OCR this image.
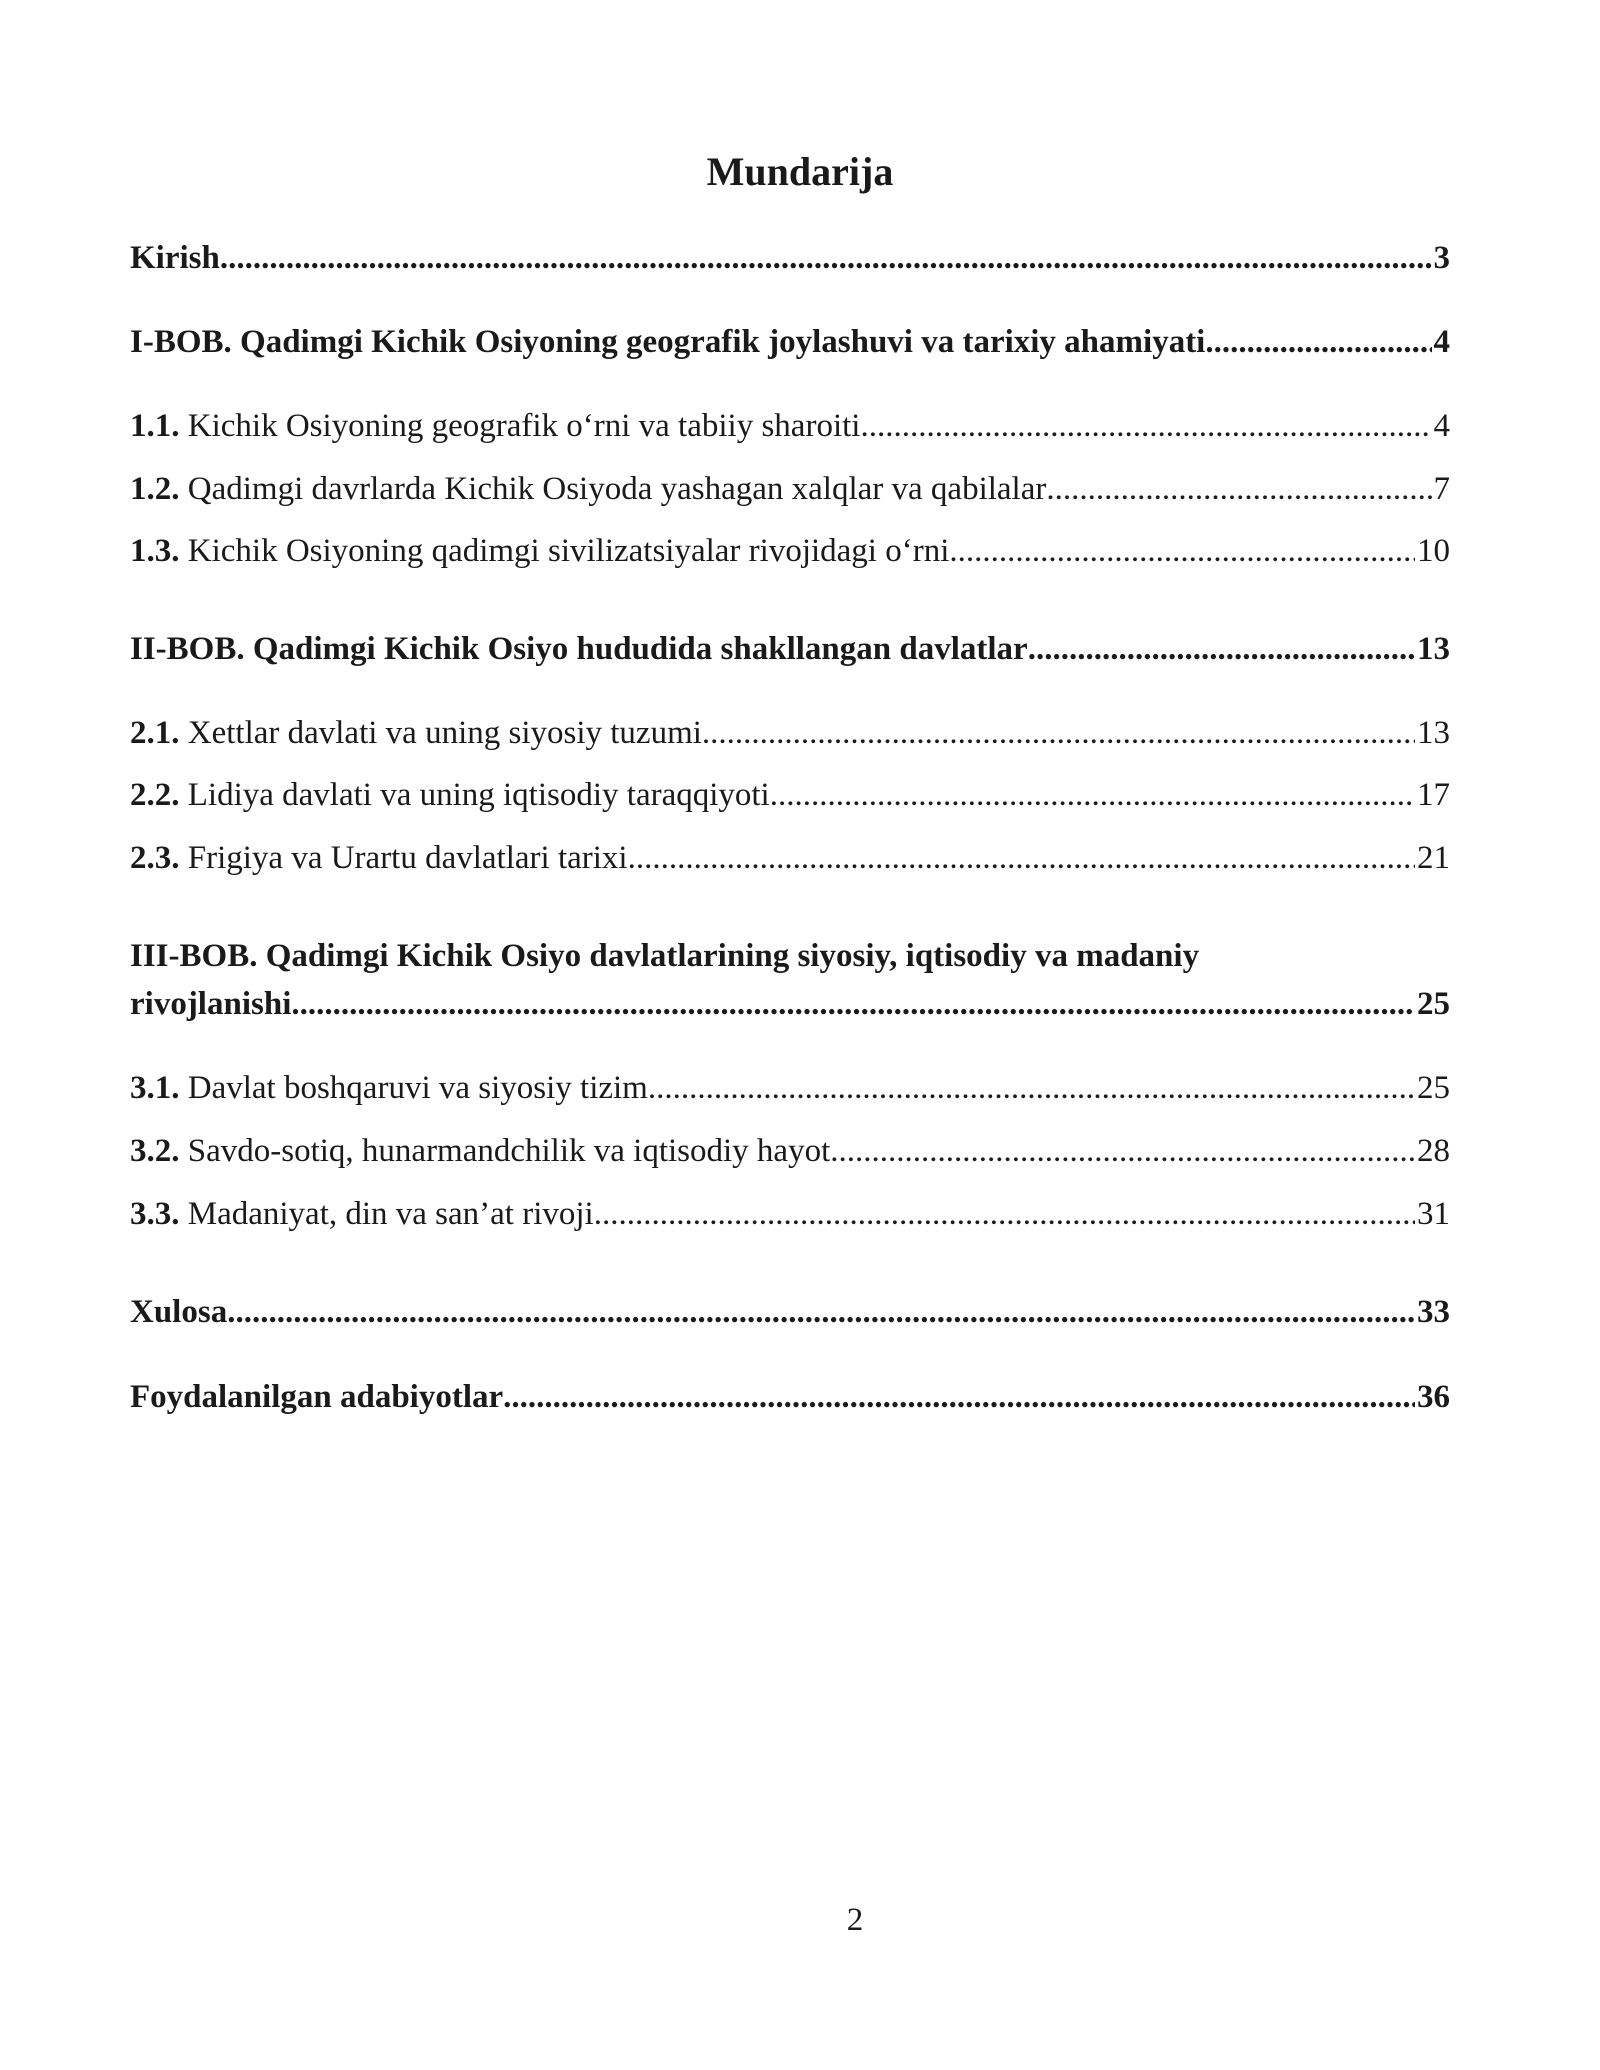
Mundarija
Kirish .....	3
I-BOB. Qadimgi Kichik Osiyoning geografik joylashuvi va tarixiy ahamiyati .....	4
1.1. Kichik Osiyoning geografik o‘rni va tabiiy sharoiti .....	4
1.2. Qadimgi davrlarda Kichik Osiyoda yashagan xalqlar va qabilalar .....	7
1.3. Kichik Osiyoning qadimgi sivilizatsiyalar rivojidagi o‘rni .....	10
II-BOB. Qadimgi Kichik Osiyo hududida shakllangan davlatlar .....	13
2.1. Xettlar davlati va uning siyosiy tuzumi .....	13
2.2. Lidiya davlati va uning iqtisodiy taraqqiyoti .....	17
2.3. Frigiya va Urartu davlatlari tarixi .....	21
III-BOB. Qadimgi Kichik Osiyo davlatlarining siyosiy, iqtisodiy va madaniy
rivojlanishi .....	25
3.1. Davlat boshqaruvi va siyosiy tizim .....	25
3.2. Savdo-sotiq, hunarmandchilik va iqtisodiy hayot .....	28
3.3. Madaniyat, din va san’at rivoji .....	31
Xulosa .....	33
Foydalanilgan adabiyotlar .....	36
2
